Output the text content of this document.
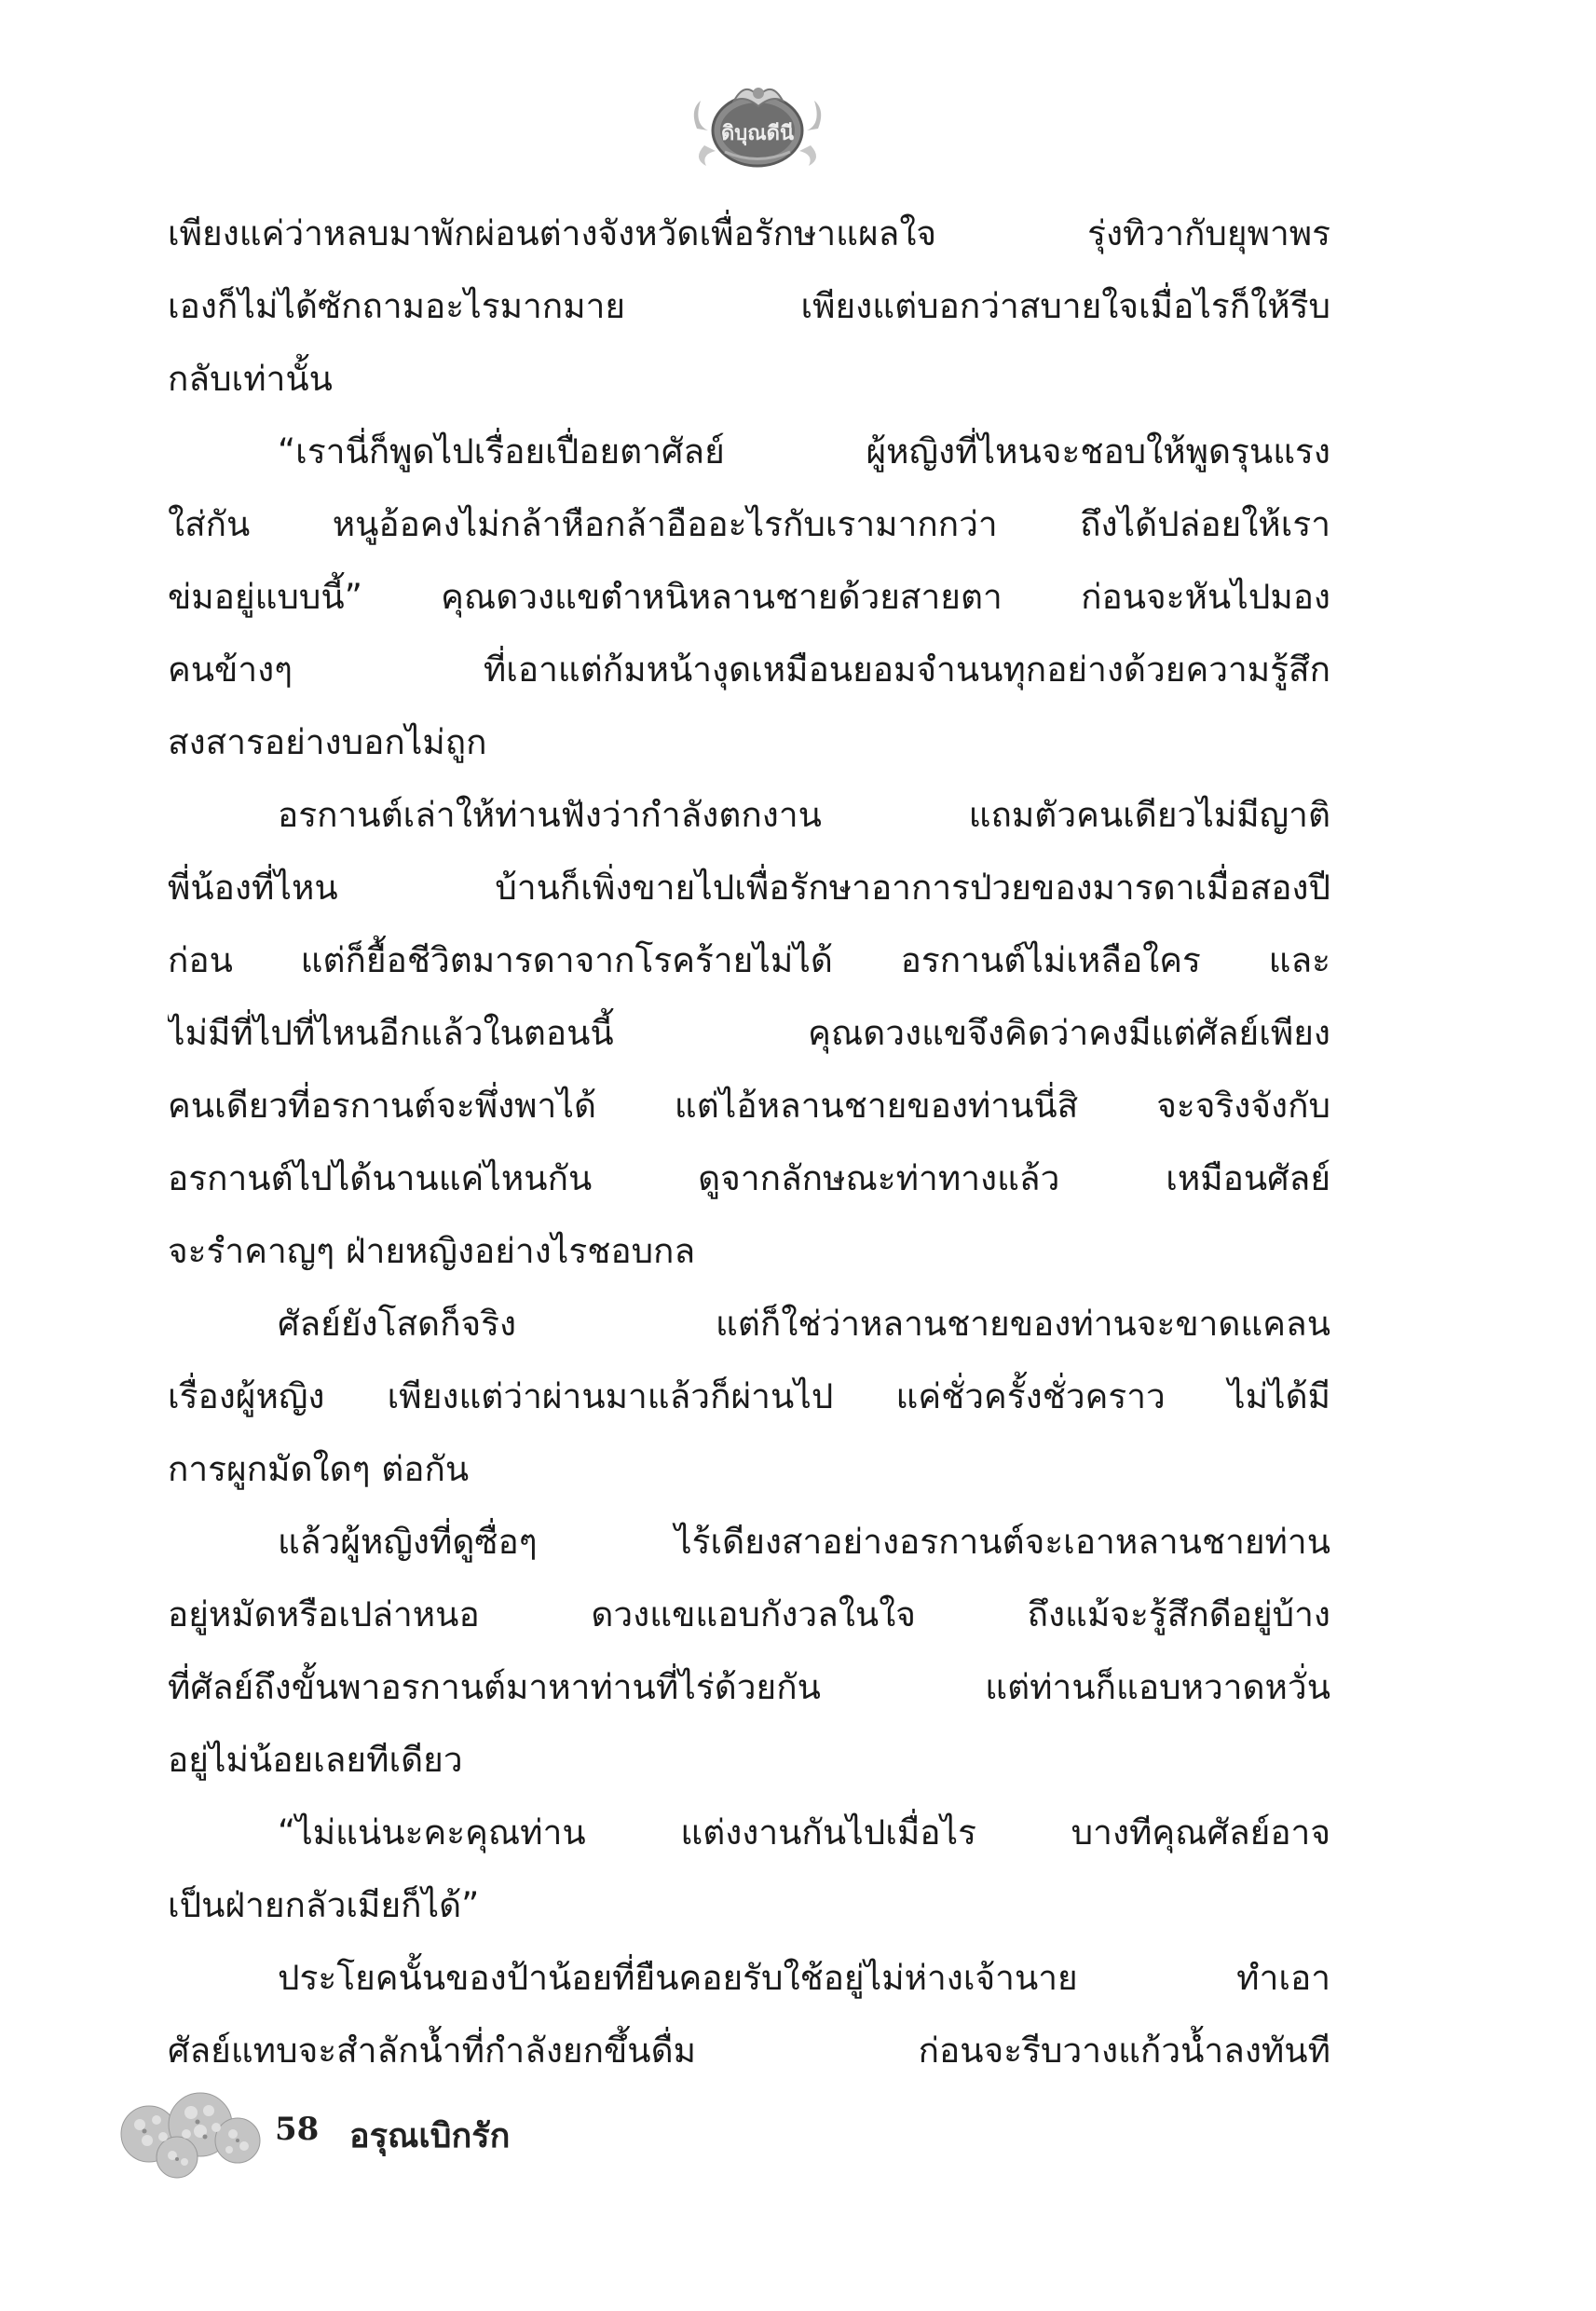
ดิบุณดีนี
เพียงแค่ว่าหลบมาพักผ่อนต่างจังหวัดเพื่อรักษาแผลใจ รุ่งทิวากับยุพาพร
เองก็ไม่ได้ซักถามอะไรมากมาย เพียงแต่บอกว่าสบายใจเมื่อไรก็ให้รีบ
กลับเท่านั้น
“เรานี่ก็พูดไปเรื่อยเปื่อยตาศัลย์ ผู้หญิงที่ไหนจะชอบให้พูดรุนแรง
ใส่กัน หนูอ้อคงไม่กล้าหือกล้าอืออะไรกับเรามากกว่า ถึงได้ปล่อยให้เรา
ข่มอยู่แบบนี้” คุณดวงแขตำหนิหลานชายด้วยสายตา ก่อนจะหันไปมอง
คนข้างๆ ที่เอาแต่ก้มหน้างุดเหมือนยอมจำนนทุกอย่างด้วยความรู้สึก
สงสารอย่างบอกไม่ถูก
อรกานต์เล่าให้ท่านฟังว่ากำลังตกงาน แถมตัวคนเดียวไม่มีญาติ
พี่น้องที่ไหน บ้านก็เพิ่งขายไปเพื่อรักษาอาการป่วยของมารดาเมื่อสองปี
ก่อน แต่ก็ยื้อชีวิตมารดาจากโรคร้ายไม่ได้ อรกานต์ไม่เหลือใคร และ
ไม่มีที่ไปที่ไหนอีกแล้วในตอนนี้ คุณดวงแขจึงคิดว่าคงมีแต่ศัลย์เพียง
คนเดียวที่อรกานต์จะพึ่งพาได้ แต่ไอ้หลานชายของท่านนี่สิ จะจริงจังกับ
อรกานต์ไปได้นานแค่ไหนกัน ดูจากลักษณะท่าทางแล้ว เหมือนศัลย์
จะรำคาญๆ ฝ่ายหญิงอย่างไรชอบกล
ศัลย์ยังโสดก็จริง แต่ก็ใช่ว่าหลานชายของท่านจะขาดแคลน
เรื่องผู้หญิง เพียงแต่ว่าผ่านมาแล้วก็ผ่านไป แค่ชั่วครั้งชั่วคราว ไม่ได้มี
การผูกมัดใดๆ ต่อกัน
แล้วผู้หญิงที่ดูซื่อๆ ไร้เดียงสาอย่างอรกานต์จะเอาหลานชายท่าน
อยู่หมัดหรือเปล่าหนอ ดวงแขแอบกังวลในใจ ถึงแม้จะรู้สึกดีอยู่บ้าง
ที่ศัลย์ถึงขั้นพาอรกานต์มาหาท่านที่ไร่ด้วยกัน แต่ท่านก็แอบหวาดหวั่น
อยู่ไม่น้อยเลยทีเดียว
“ไม่แน่นะคะคุณท่าน แต่งงานกันไปเมื่อไร บางทีคุณศัลย์อาจ
เป็นฝ่ายกลัวเมียก็ได้”
ประโยคนั้นของป้าน้อยที่ยืนคอยรับใช้อยู่ไม่ห่างเจ้านาย ทำเอา
ศัลย์แทบจะสำลักน้ำที่กำลังยกขึ้นดื่ม ก่อนจะรีบวางแก้วน้ำลงทันที
58 อรุณเบิกรัก
